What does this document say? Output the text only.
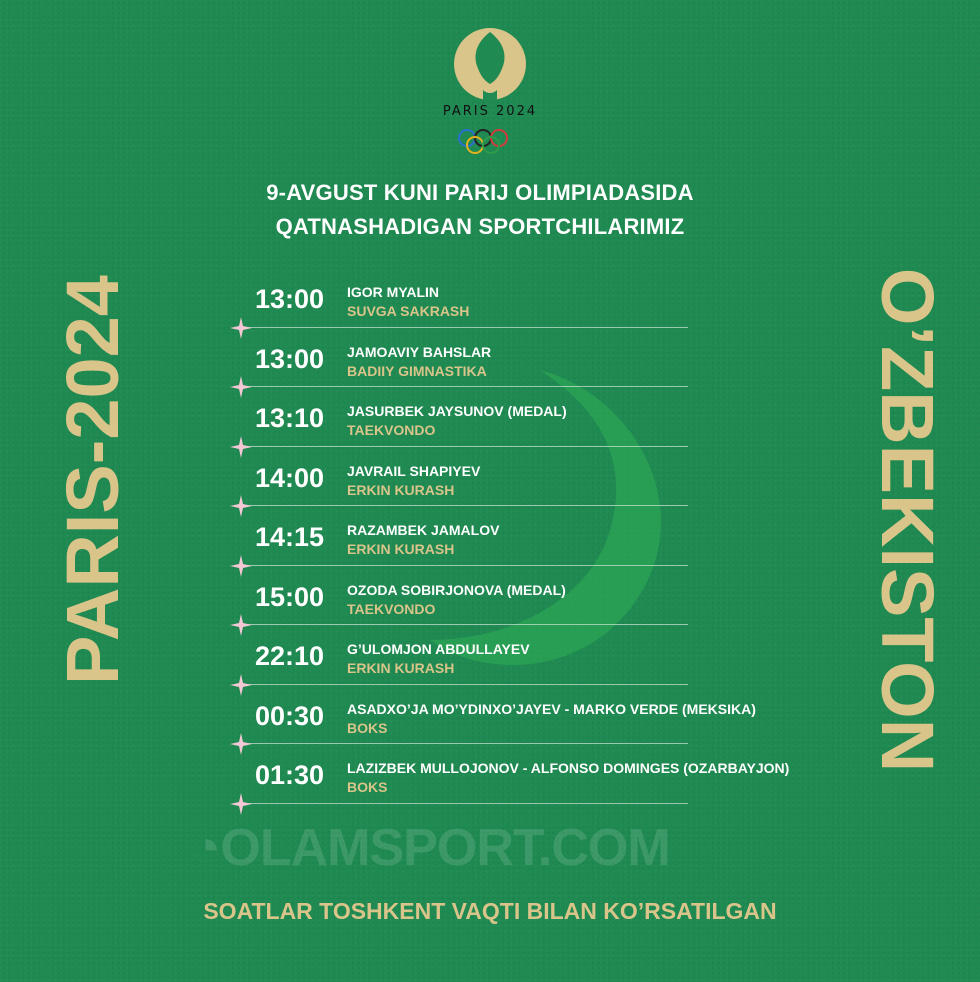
PARIS 2024
9-AVGUST KUNI PARIJ OLIMPIADASIDA
QATNASHADIGAN SPORTCHILARIMIZ
PARIS-2024	O’ZBEKISTON
13:00 IGOR MYALIN
SUVGA SAKRASH
13:00 JAMOAVIY BAHSLAR
BADIIY GIMNASTIKA
13:10 JASURBEK JAYSUNOV (MEDAL)
TAEKVONDO
14:00 JAVRAIL SHAPIYEV
ERKIN KURASH
14:15 RAZAMBEK JAMALOV
ERKIN KURASH
15:00 OZODA SOBIRJONOVA (MEDAL)
TAEKVONDO
22:10 G’ULOMJON ABDULLAYEV
ERKIN KURASH
00:30 ASADXO’JA MO’YDINXO’JAYEV - MARKO VERDE (MEKSIKA)
BOKS
01:30 LAZIZBEK MULLOJONOV - ALFONSO DOMINGES (OZARBAYJON)
BOKS
◔OLAMSPORT.COM
SOATLAR TOSHKENT VAQTI BILAN KO’RSATILGAN
